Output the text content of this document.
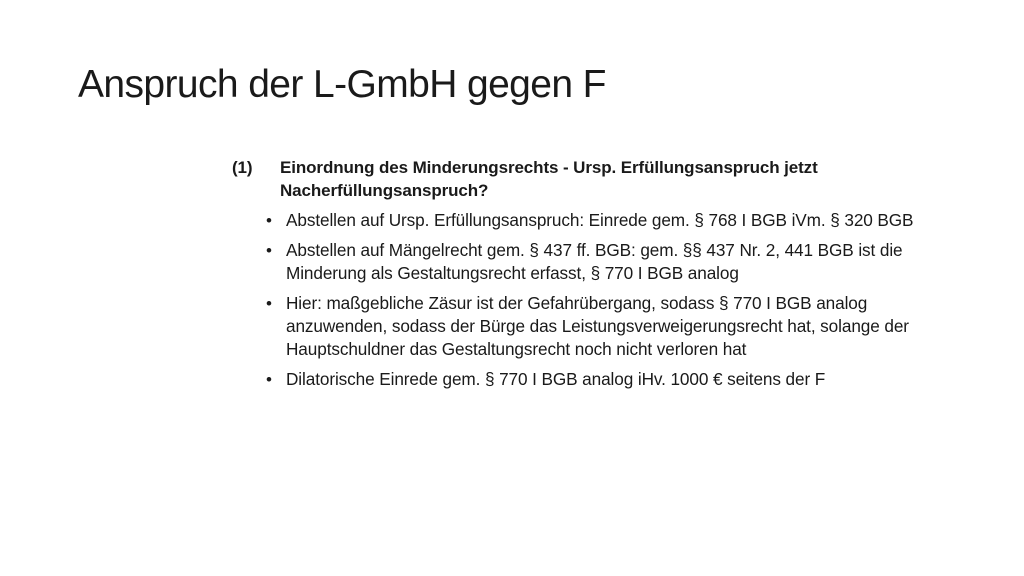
Anspruch der L-GmbH gegen F
(1)	Einordnung des Minderungsrechts - Ursp. Erfüllungsanspruch jetzt Nacherfüllungsanspruch?
• Abstellen auf Ursp. Erfüllungsanspruch: Einrede gem. § 768 I BGB iVm. § 320 BGB
• Abstellen auf Mängelrecht gem. § 437 ff. BGB: gem. §§ 437 Nr. 2, 441 BGB ist die Minderung als Gestaltungsrecht erfasst, § 770 I BGB analog
• Hier: maßgebliche Zäsur ist der Gefahrübergang, sodass § 770 I BGB analog anzuwenden, sodass der Bürge das Leistungsverweigerungsrecht hat, solange der Hauptschuldner das Gestaltungsrecht noch nicht verloren hat
• Dilatorische Einrede gem. § 770 I BGB analog iHv. 1000 € seitens der F
